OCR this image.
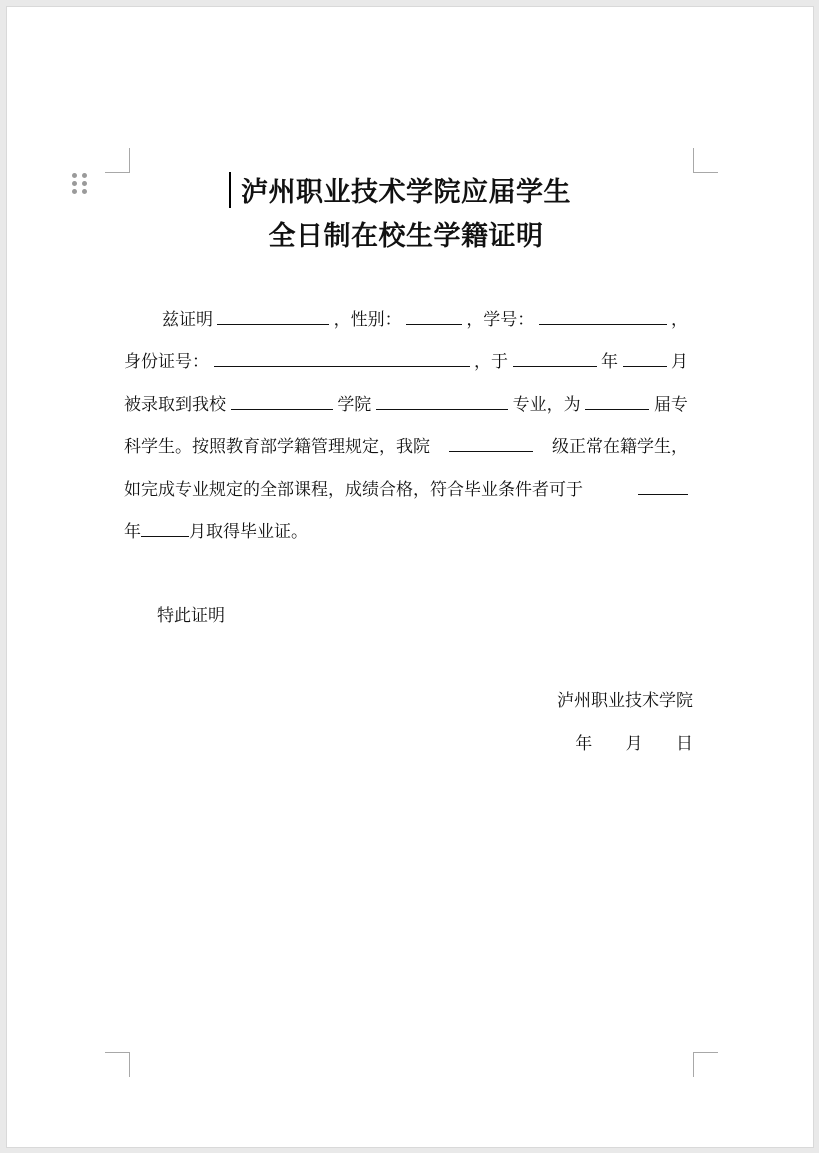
泸州职业技术学院应届学生
全日制在校生学籍证明
兹证明	，性别：	，学号：	，
身份证号：	，于	年	月
被录取到我校	学院	专业，为	届专
科学生。按照教育部学籍管理规定，我院	级正常在籍学生，
如完成专业规定的全部课程，成绩合格，符合毕业条件者可于
年	月取得毕业证。
特此证明
泸州职业技术学院
年 月 日
